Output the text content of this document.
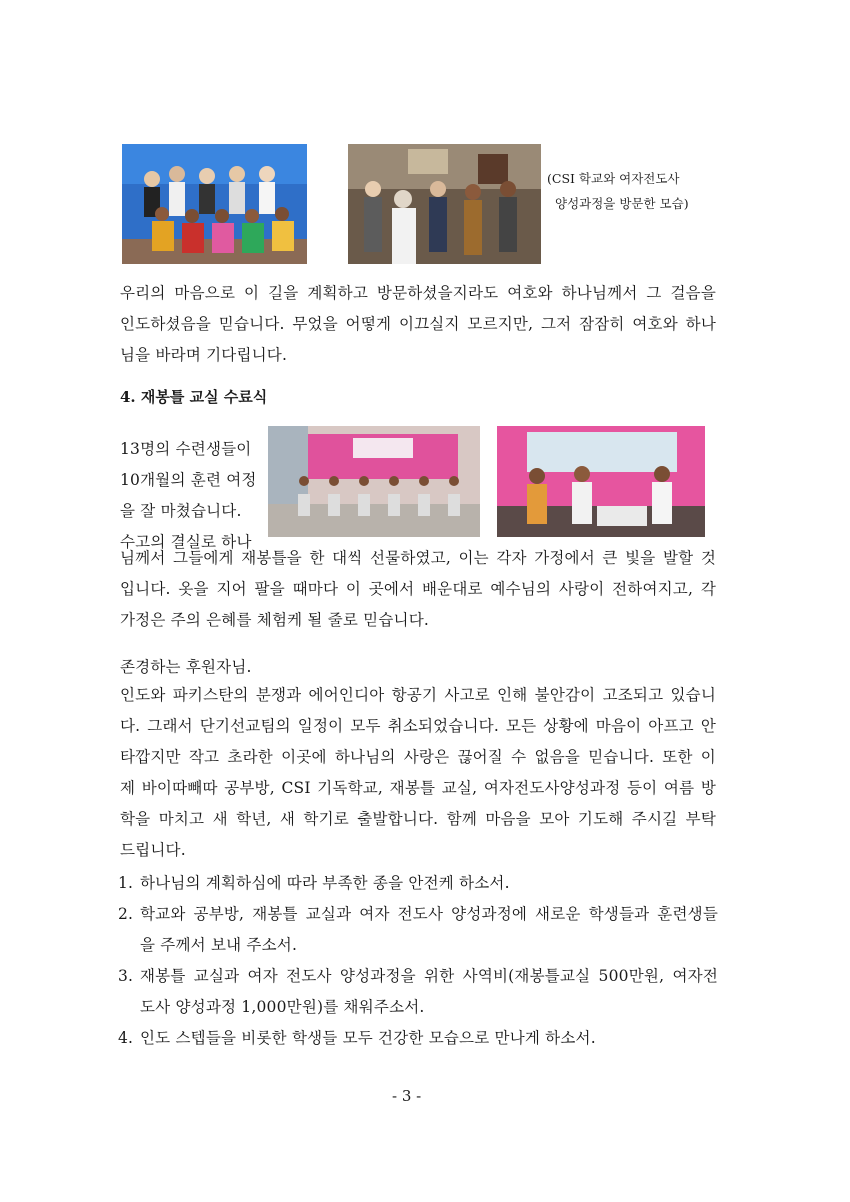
(CSI 학교와 여자전도사
양성과정을 방문한 모습)
우리의 마음으로 이 길을 계획하고 방문하셨을지라도 여호와 하나님께서 그 걸음을
인도하셨음을 믿습니다. 무었을 어떻게 이끄실지 모르지만, 그저 잠잠히 여호와 하나
님을 바라며 기다립니다.
4. 재봉틀 교실 수료식
13명의 수련생들이
10개월의 훈련 여정
을 잘 마쳤습니다.
수고의 결실로 하나
님께서 그들에게 재봉틀을 한 대씩 선물하였고, 이는 각자 가정에서 큰 빛을 발할 것
입니다. 옷을 지어 팔을 때마다 이 곳에서 배운대로 예수님의 사랑이 전하여지고, 각
가정은 주의 은혜를 체험케 될 줄로 믿습니다.
존경하는 후원자님.
인도와 파키스탄의 분쟁과 에어인디아 항공기 사고로 인해 불안감이 고조되고 있습니
다. 그래서 단기선교팀의 일정이 모두 취소되었습니다. 모든 상황에 마음이 아프고 안
타깝지만 작고 초라한 이곳에 하나님의 사랑은 끊어질 수 없음을 믿습니다. 또한 이
제 바이따빼따 공부방, CSI 기독학교, 재봉틀 교실, 여자전도사양성과정 등이 여름 방
학을 마치고 새 학년, 새 학기로 출발합니다. 함께 마음을 모아 기도해 주시길 부탁
드립니다.
1. 하나님의 계획하심에 따라 부족한 종을 안전케 하소서.
학교와 공부방, 재봉틀 교실과 여자 전도사 양성과정에 새로운 학생들과 훈련생들
을 주께서 보내 주소서.
재봉틀 교실과 여자 전도사 양성과정을 위한 사역비(재봉틀교실 500만원, 여자전
도사 양성과정 1,000만원)를 채워주소서.
4. 인도 스텝들을 비롯한 학생들 모두 건강한 모습으로 만나게 하소서.
2.
3.
- 3 -
